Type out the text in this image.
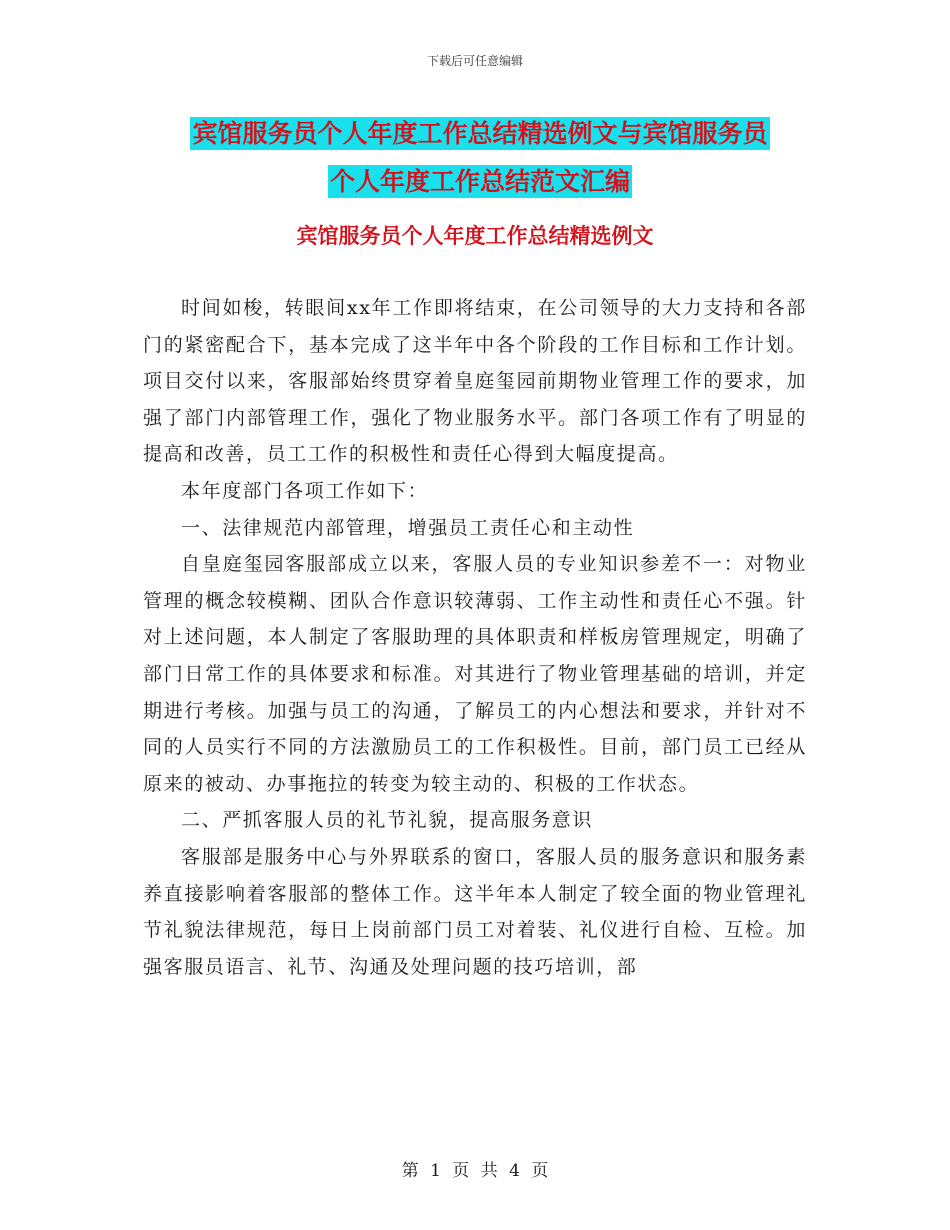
下载后可任意编辑
宾馆服务员个人年度工作总结精选例文与宾馆服务员
个人年度工作总结范文汇编
宾馆服务员个人年度工作总结精选例文

时间如梭，转眼间xx年工作即将结束，在公司领导的大力支持和各部门的紧密配合下，基本完成了这半年中各个阶段的工作目标和工作计划。项目交付以来，客服部始终贯穿着皇庭玺园前期物业管理工作的要求，加强了部门内部管理工作，强化了物业服务水平。部门各项工作有了明显的提高和改善，员工工作的积极性和责任心得到大幅度提高。

本年度部门各项工作如下：

一、法律规范内部管理，增强员工责任心和主动性

自皇庭玺园客服部成立以来，客服人员的专业知识参差不一：对物业管理的概念较模糊、团队合作意识较薄弱、工作主动性和责任心不强。针对上述问题，本人制定了客服助理的具体职责和样板房管理规定，明确了部门日常工作的具体要求和标准。对其进行了物业管理基础的培训，并定期进行考核。加强与员工的沟通，了解员工的内心想法和要求，并针对不同的人员实行不同的方法激励员工的工作积极性。目前，部门员工已经从原来的被动、办事拖拉的转变为较主动的、积极的工作状态。

二、严抓客服人员的礼节礼貌，提高服务意识

客服部是服务中心与外界联系的窗口，客服人员的服务意识和服务素养直接影响着客服部的整体工作。这半年本人制定了较全面的物业管理礼节礼貌法律规范，每日上岗前部门员工对着装、礼仪进行自检、互检。加强客服员语言、礼节、沟通及处理问题的技巧培训，部

第 1 页 共 4 页
